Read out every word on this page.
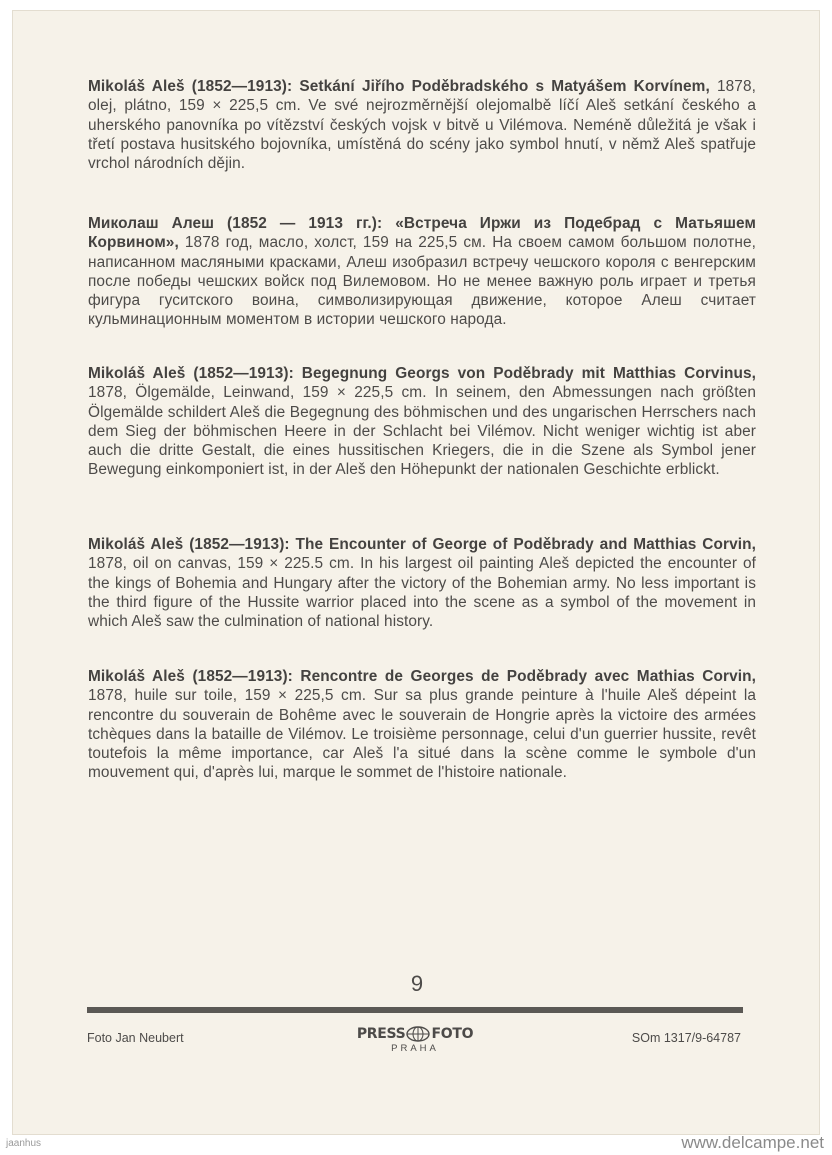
Mikoláš Aleš (1852—1913): Setkání Jiřího Poděbradského s Matyášem Korvínem, 1878, olej, plátno, 159 × 225,5 cm. Ve své nejrozměrnější olejomalbě líčí Aleš setkání českého a uherského panovníka po vítězství českých vojsk v bitvě u Vilémova. Neméně důležitá je však i třetí postava husitského bojovníka, umístěná do scény jako symbol hnutí, v němž Aleš spatřuje vrchol národních dějin.
Миколаш Алеш (1852 — 1913 гг.): «Встреча Иржи из Подебрад с Матьяшем Корвином», 1878 год, масло, холст, 159 на 225,5 см. На своем самом большом полотне, написанном масляными красками, Алеш изобразил встречу чешского короля с венгерским после победы чешских войск под Вилемовом. Но не менее важную роль играет и третья фигура гуситского воина, символизирующая движение, которое Алеш считает кульминационным моментом в истории чешского народа.
Mikoláš Aleš (1852—1913): Begegnung Georgs von Poděbrady mit Matthias Corvinus, 1878, Ölgemälde, Leinwand, 159 × 225,5 cm. In seinem, den Abmessungen nach größten Ölgemälde schildert Aleš die Begegnung des böhmischen und des ungarischen Herrschers nach dem Sieg der böhmischen Heere in der Schlacht bei Vilémov. Nicht weniger wichtig ist aber auch die dritte Gestalt, die eines hussitischen Kriegers, die in die Szene als Symbol jener Bewegung einkomponiert ist, in der Aleš den Höhepunkt der nationalen Geschichte erblickt.
Mikoláš Aleš (1852—1913): The Encounter of George of Poděbrady and Matthias Corvin, 1878, oil on canvas, 159 × 225.5 cm. In his largest oil painting Aleš depicted the encounter of the kings of Bohemia and Hungary after the victory of the Bohemian army. No less important is the third figure of the Hussite warrior placed into the scene as a symbol of the movement in which Aleš saw the culmination of national history.
Mikoláš Aleš (1852—1913): Rencontre de Georges de Poděbrady avec Mathias Corvin, 1878, huile sur toile, 159 × 225,5 cm. Sur sa plus grande peinture à l'huile Aleš dépeint la rencontre du souverain de Bohême avec le souverain de Hongrie après la victoire des armées tchèques dans la bataille de Vilémov. Le troisième personnage, celui d'un guerrier hussite, revêt toutefois la même importance, car Aleš l'a situé dans la scène comme le symbole d'un mouvement qui, d'après lui, marque le sommet de l'histoire nationale.
9
Foto Jan Neubert	PRESS FOTO
PRAHA
SOm 1317/9-64787
jaanhus	www.delcampe.net
